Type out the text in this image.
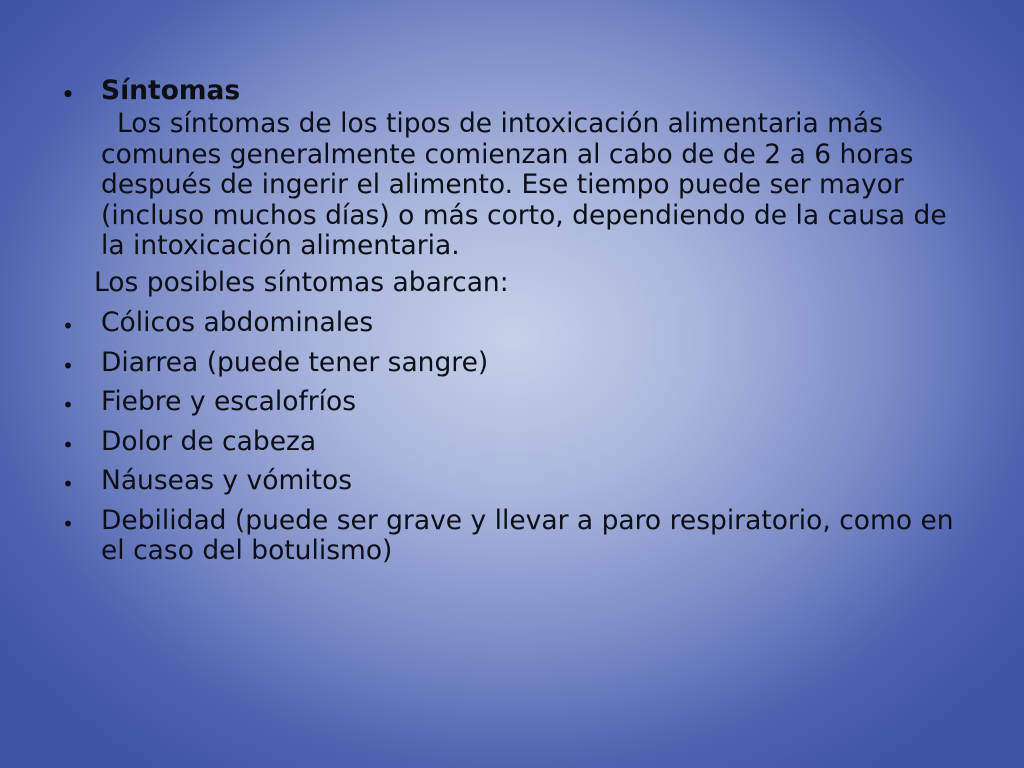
• Síntomas
Los síntomas de los tipos de intoxicación alimentaria más comunes generalmente comienzan al cabo de de 2 a 6 horas después de ingerir el alimento. Ese tiempo puede ser mayor (incluso muchos días) o más corto, dependiendo de la causa de la intoxicación alimentaria.
Los posibles síntomas abarcan:
• Cólicos abdominales
• Diarrea (puede tener sangre)
• Fiebre y escalofríos
• Dolor de cabeza
• Náuseas y vómitos
• Debilidad (puede ser grave y llevar a paro respiratorio, como en el caso del botulismo)
